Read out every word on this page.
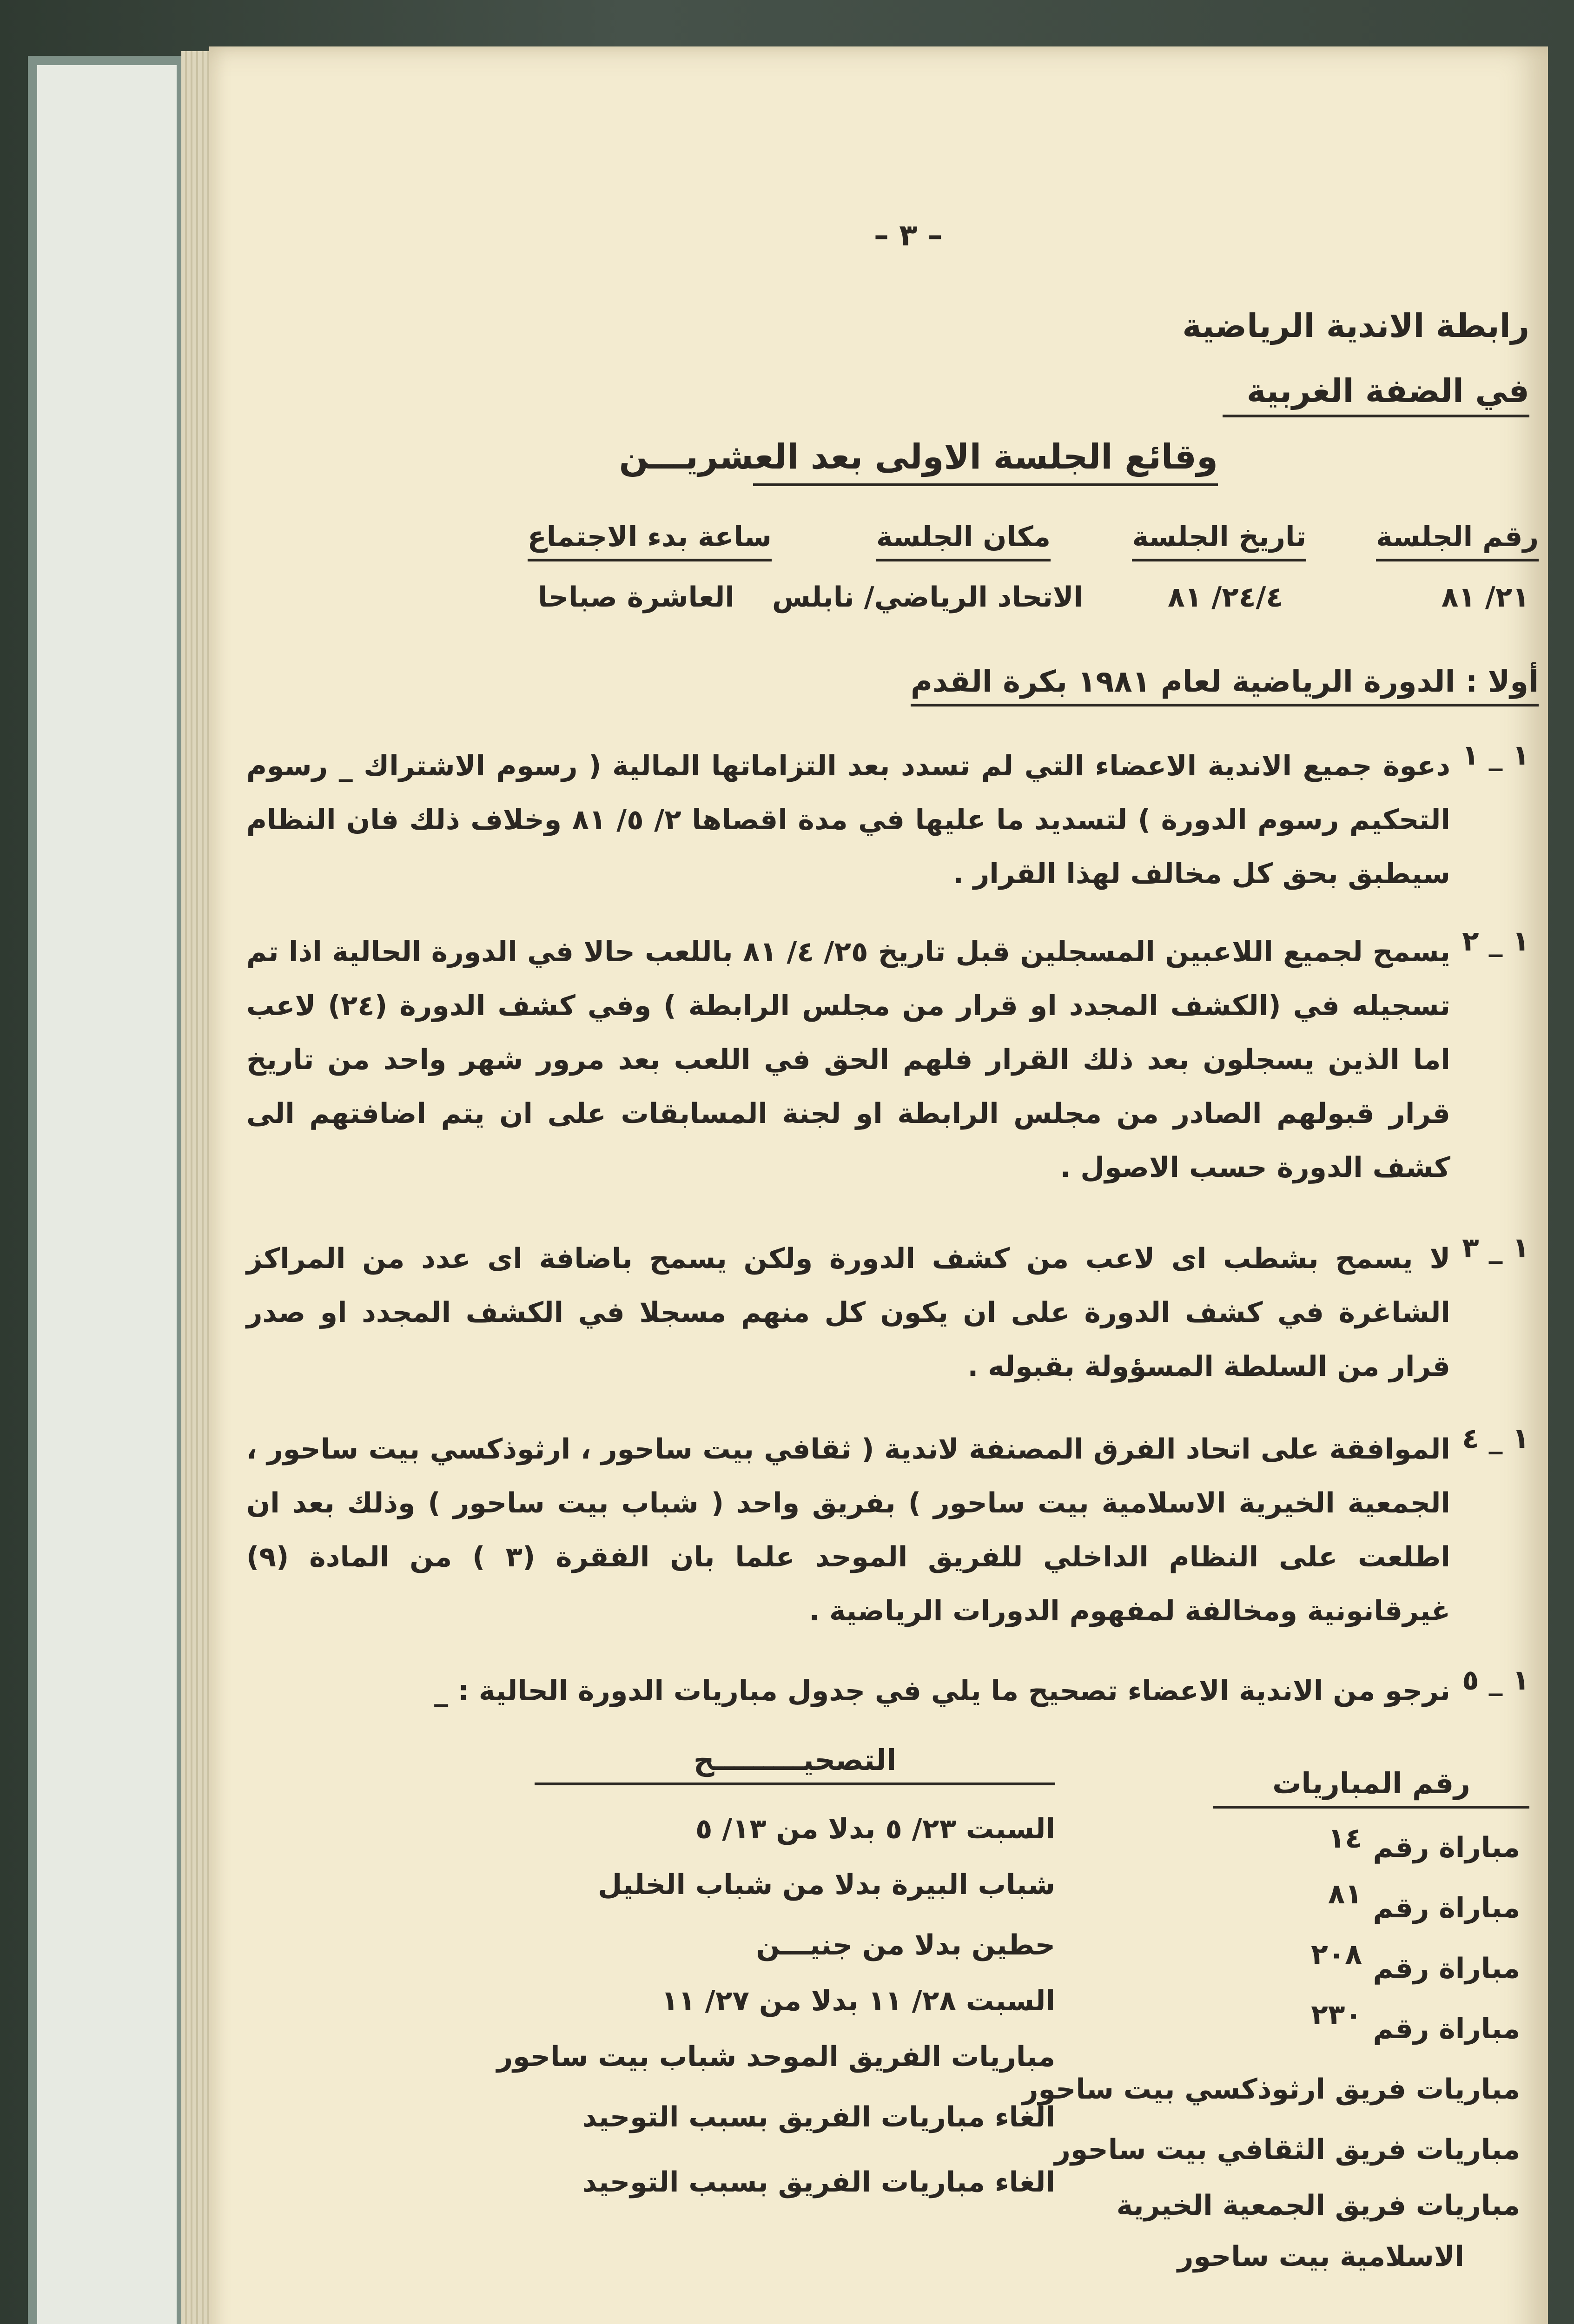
– ٣ –
رابطة الاندية الرياضية
في الضفة الغربية
وقائع الجلسة الاولى بعد العشريـــن
رقم الجلسة
تاريخ الجلسة
مكان الجلسة
ساعة بدء الاجتماع
٢١/ ٨١
٢٤/٤/ ٨١
الاتحاد الرياضي/ نابلس
العاشرة صباحا
أولا : الدورة الرياضية لعام ١٩٨١ بكرة القدم
١ _ ١
دعوة جميع الاندية الاعضاء التي لم تسدد بعد التزاماتها المالية ( رسوم الاشتراك _ رسوم التحكيم رسوم الدورة ) لتسديد ما عليها في مدة اقصاها ٢/ ٥/ ٨١ وخلاف ذلك فان النظام سيطبق بحق كل مخالف لهذا القرار .
١ _ ٢
يسمح لجميع اللاعبين المسجلين قبل تاريخ ٢٥/ ٤/ ٨١ باللعب حالا في الدورة الحالية اذا تم تسجيله في (الكشف المجدد او قرار من مجلس الرابطة ) وفي كشف الدورة (٢٤) لاعب اما الذين يسجلون بعد ذلك القرار فلهم الحق في اللعب بعد مرور شهر واحد من تاريخ قرار قبولهم الصادر من مجلس الرابطة او لجنة المسابقات على ان يتم اضافتهم الى كشف الدورة حسب الاصول .
١ _ ٣
لا يسمح بشطب اى لاعب من كشف الدورة ولكن يسمح باضافة اى عدد من المراكز الشاغرة في كشف الدورة على ان يكون كل منهم مسجلا في الكشف المجدد او صدر قرار من السلطة المسؤولة بقبوله .
١ _ ٤
الموافقة على اتحاد الفرق المصنفة لاندية ( ثقافي بيت ساحور ، ارثوذكسي بيت ساحور ، الجمعية الخيرية الاسلامية بيت ساحور ) بفريق واحد ( شباب بيت ساحور ) وذلك بعد ان اطلعت على النظام الداخلي للفريق الموحد علما بان الفقرة (٣ ) من المادة (٩) غيرقانونية ومخالفة لمفهوم الدورات الرياضية .
١ _ ٥
نرجو من الاندية الاعضاء تصحيح ما يلي في جدول مباريات الدورة الحالية : _
رقم المباريات
التصحيـــــــــح
مباراة رقم
١٤
السبت ٢٣/ ٥ بدلا من ١٣/ ٥
مباراة رقم
٨١
شباب البيرة بدلا من شباب الخليل
مباراة رقم
٢٠٨
حطين بدلا من جنيـــن
مباراة رقم
٢٣٠
السبت ٢٨/ ١١ بدلا من ٢٧/ ١١
مباريات فريق ارثوذكسي بيت ساحور
مباريات الفريق الموحد شباب بيت ساحور
مباريات فريق الثقافي بيت ساحور
الغاء مباريات الفريق بسبب التوحيد
مباريات فريق الجمعية الخيرية
الغاء مباريات الفريق بسبب التوحيد
الاسلامية بيت ساحور
